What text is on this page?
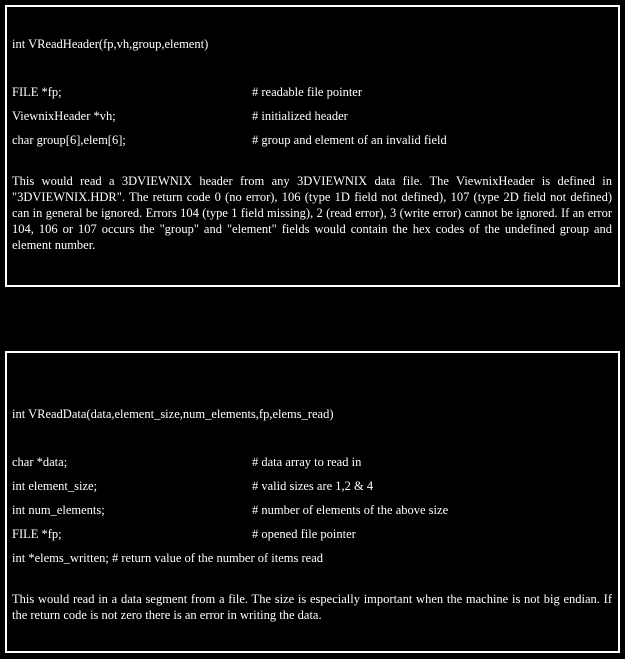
int VReadHeader(fp,vh,group,element)
FILE *fp;	# readable file pointer
ViewnixHeader *vh;	# initialized header
char group[6],elem[6];	# group and element of an invalid field
This would read a 3DVIEWNIX header from any 3DVIEWNIX data file. The ViewnixHeader is defined in "3DVIEWNIX.HDR". The return code 0 (no error), 106 (type 1D field not defined), 107 (type 2D field not defined) can in general be ignored. Errors 104 (type 1 field missing), 2 (read error), 3 (write error) cannot be ignored. If an error 104, 106 or 107 occurs the "group" and "element" fields would contain the hex codes of the undefined group and element number.
int VReadData(data,element_size,num_elements,fp,elems_read)
char *data;	# data array to read in
int element_size;	# valid sizes are 1,2 & 4
int num_elements;	# number of elements of the above size
FILE *fp;	# opened file pointer
int *elems_written; # return value of the number of items read
This would read in a data segment from a file. The size is especially important when the machine is not big endian. If the return code is not zero there is an error in writing the data.
